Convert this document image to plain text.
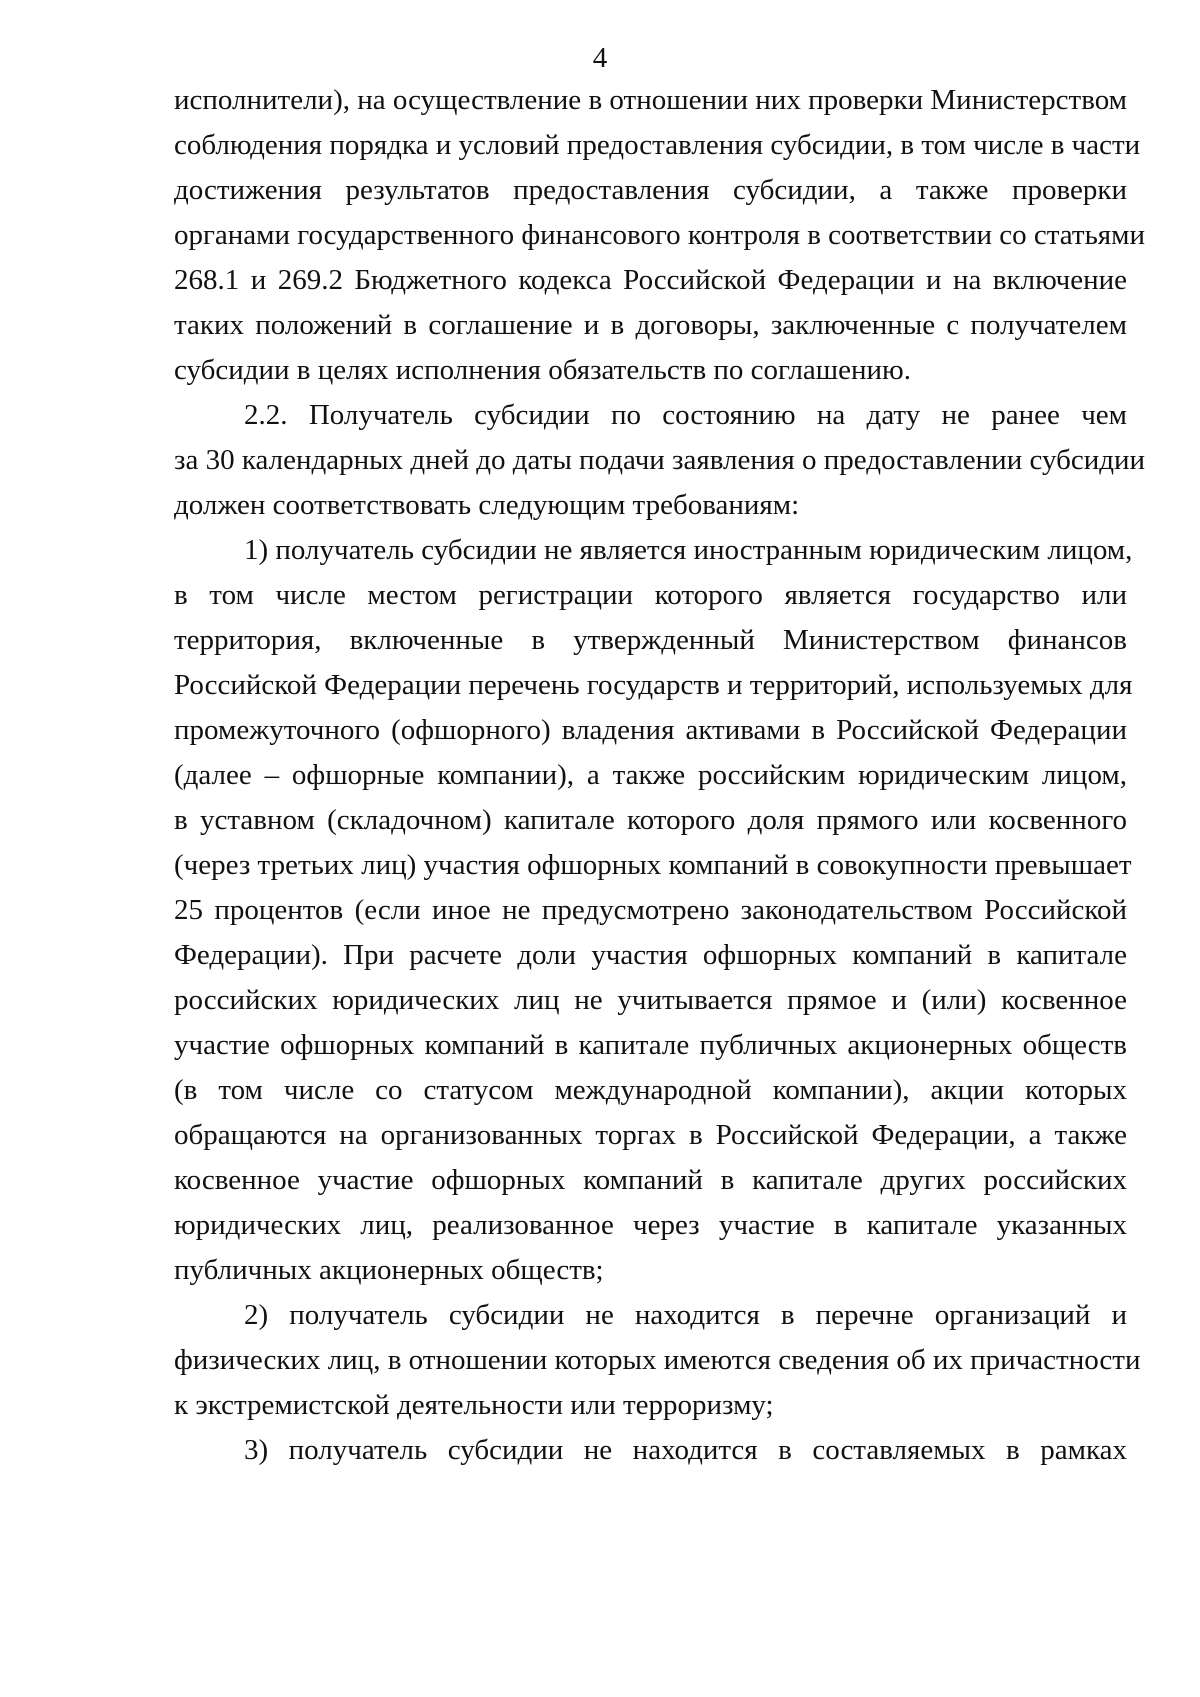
4
исполнители), на осуществление в отношении них проверки Министерством
соблюдения порядка и условий предоставления субсидии, в том числе в части
достижения результатов предоставления субсидии, а также проверки
органами государственного финансового контроля в соответствии со статьями
268.1 и 269.2 Бюджетного кодекса Российской Федерации и на включение
таких положений в соглашение и в договоры, заключенные с получателем
субсидии в целях исполнения обязательств по соглашению.
2.2. Получатель субсидии по состоянию на дату не ранее чем
за 30 календарных дней до даты подачи заявления о предоставлении субсидии
должен соответствовать следующим требованиям:
1) получатель субсидии не является иностранным юридическим лицом,
в том числе местом регистрации которого является государство или
территория, включенные в утвержденный Министерством финансов
Российской Федерации перечень государств и территорий, используемых для
промежуточного (офшорного) владения активами в Российской Федерации
(далее – офшорные компании), а также российским юридическим лицом,
в уставном (складочном) капитале которого доля прямого или косвенного
(через третьих лиц) участия офшорных компаний в совокупности превышает
25 процентов (если иное не предусмотрено законодательством Российской
Федерации). При расчете доли участия офшорных компаний в капитале
российских юридических лиц не учитывается прямое и (или) косвенное
участие офшорных компаний в капитале публичных акционерных обществ
(в том числе со статусом международной компании), акции которых
обращаются на организованных торгах в Российской Федерации, а также
косвенное участие офшорных компаний в капитале других российских
юридических лиц, реализованное через участие в капитале указанных
публичных акционерных обществ;
2) получатель субсидии не находится в перечне организаций и
физических лиц, в отношении которых имеются сведения об их причастности
к экстремистской деятельности или терроризму;
3) получатель субсидии не находится в составляемых в рамках
